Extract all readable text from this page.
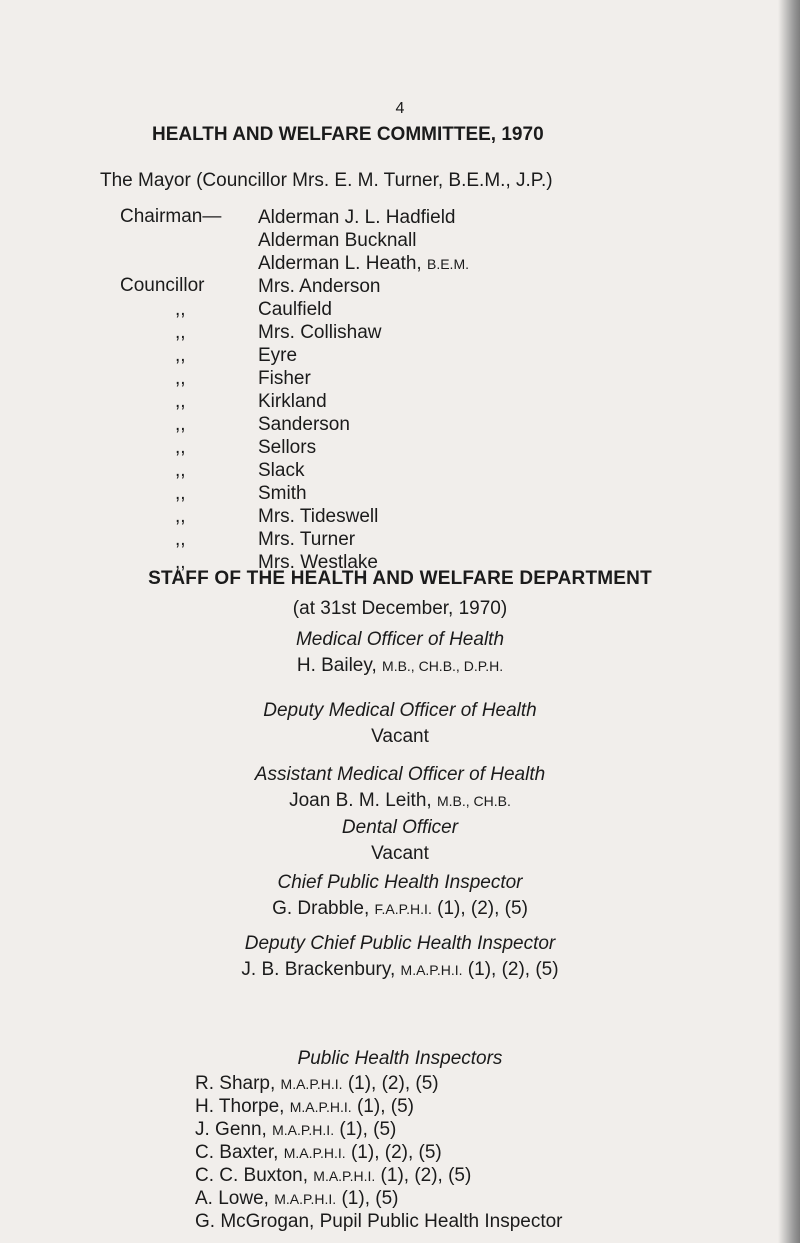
4
HEALTH AND WELFARE COMMITTEE, 1970
The Mayor (Councillor Mrs. E. M. Turner, B.E.M., J.P.)
Chairman— Alderman J. L. Hadfield
Alderman Bucknall
Alderman L. Heath, B.E.M.
Councillor	Mrs. Anderson
Caulfield
Mrs. Collishaw
Eyre
Fisher
Kirkland
Sanderson
Sellors
Slack
Smith
Mrs. Tideswell
Mrs. Turner
Mrs. Westlake
,,
,,
,,
,,
,,
,,
,,
,,
,,
,,
,,
,,
STAFF OF THE HEALTH AND WELFARE DEPARTMENT
(at 31st December, 1970)
Medical Officer of Health
H. Bailey, M.B., CH.B., D.P.H.
Deputy Medical Officer of Health
Vacant
Assistant Medical Officer of Health
Joan B. M. Leith, M.B., CH.B.
Dental Officer
Vacant
Chief Public Health Inspector
G. Drabble, F.A.P.H.I. (1), (2), (5)
Deputy Chief Public Health Inspector
J. B. Brackenbury, M.A.P.H.I. (1), (2), (5)
Public Health Inspectors
R. Sharp, M.A.P.H.I. (1), (2), (5)
H. Thorpe, M.A.P.H.I. (1), (5)
J. Genn, M.A.P.H.I. (1), (5)
C. Baxter, M.A.P.H.I. (1), (2), (5)
C. C. Buxton, M.A.P.H.I. (1), (2), (5)
A. Lowe, M.A.P.H.I. (1), (5)
G. McGrogan, Pupil Public Health Inspector
